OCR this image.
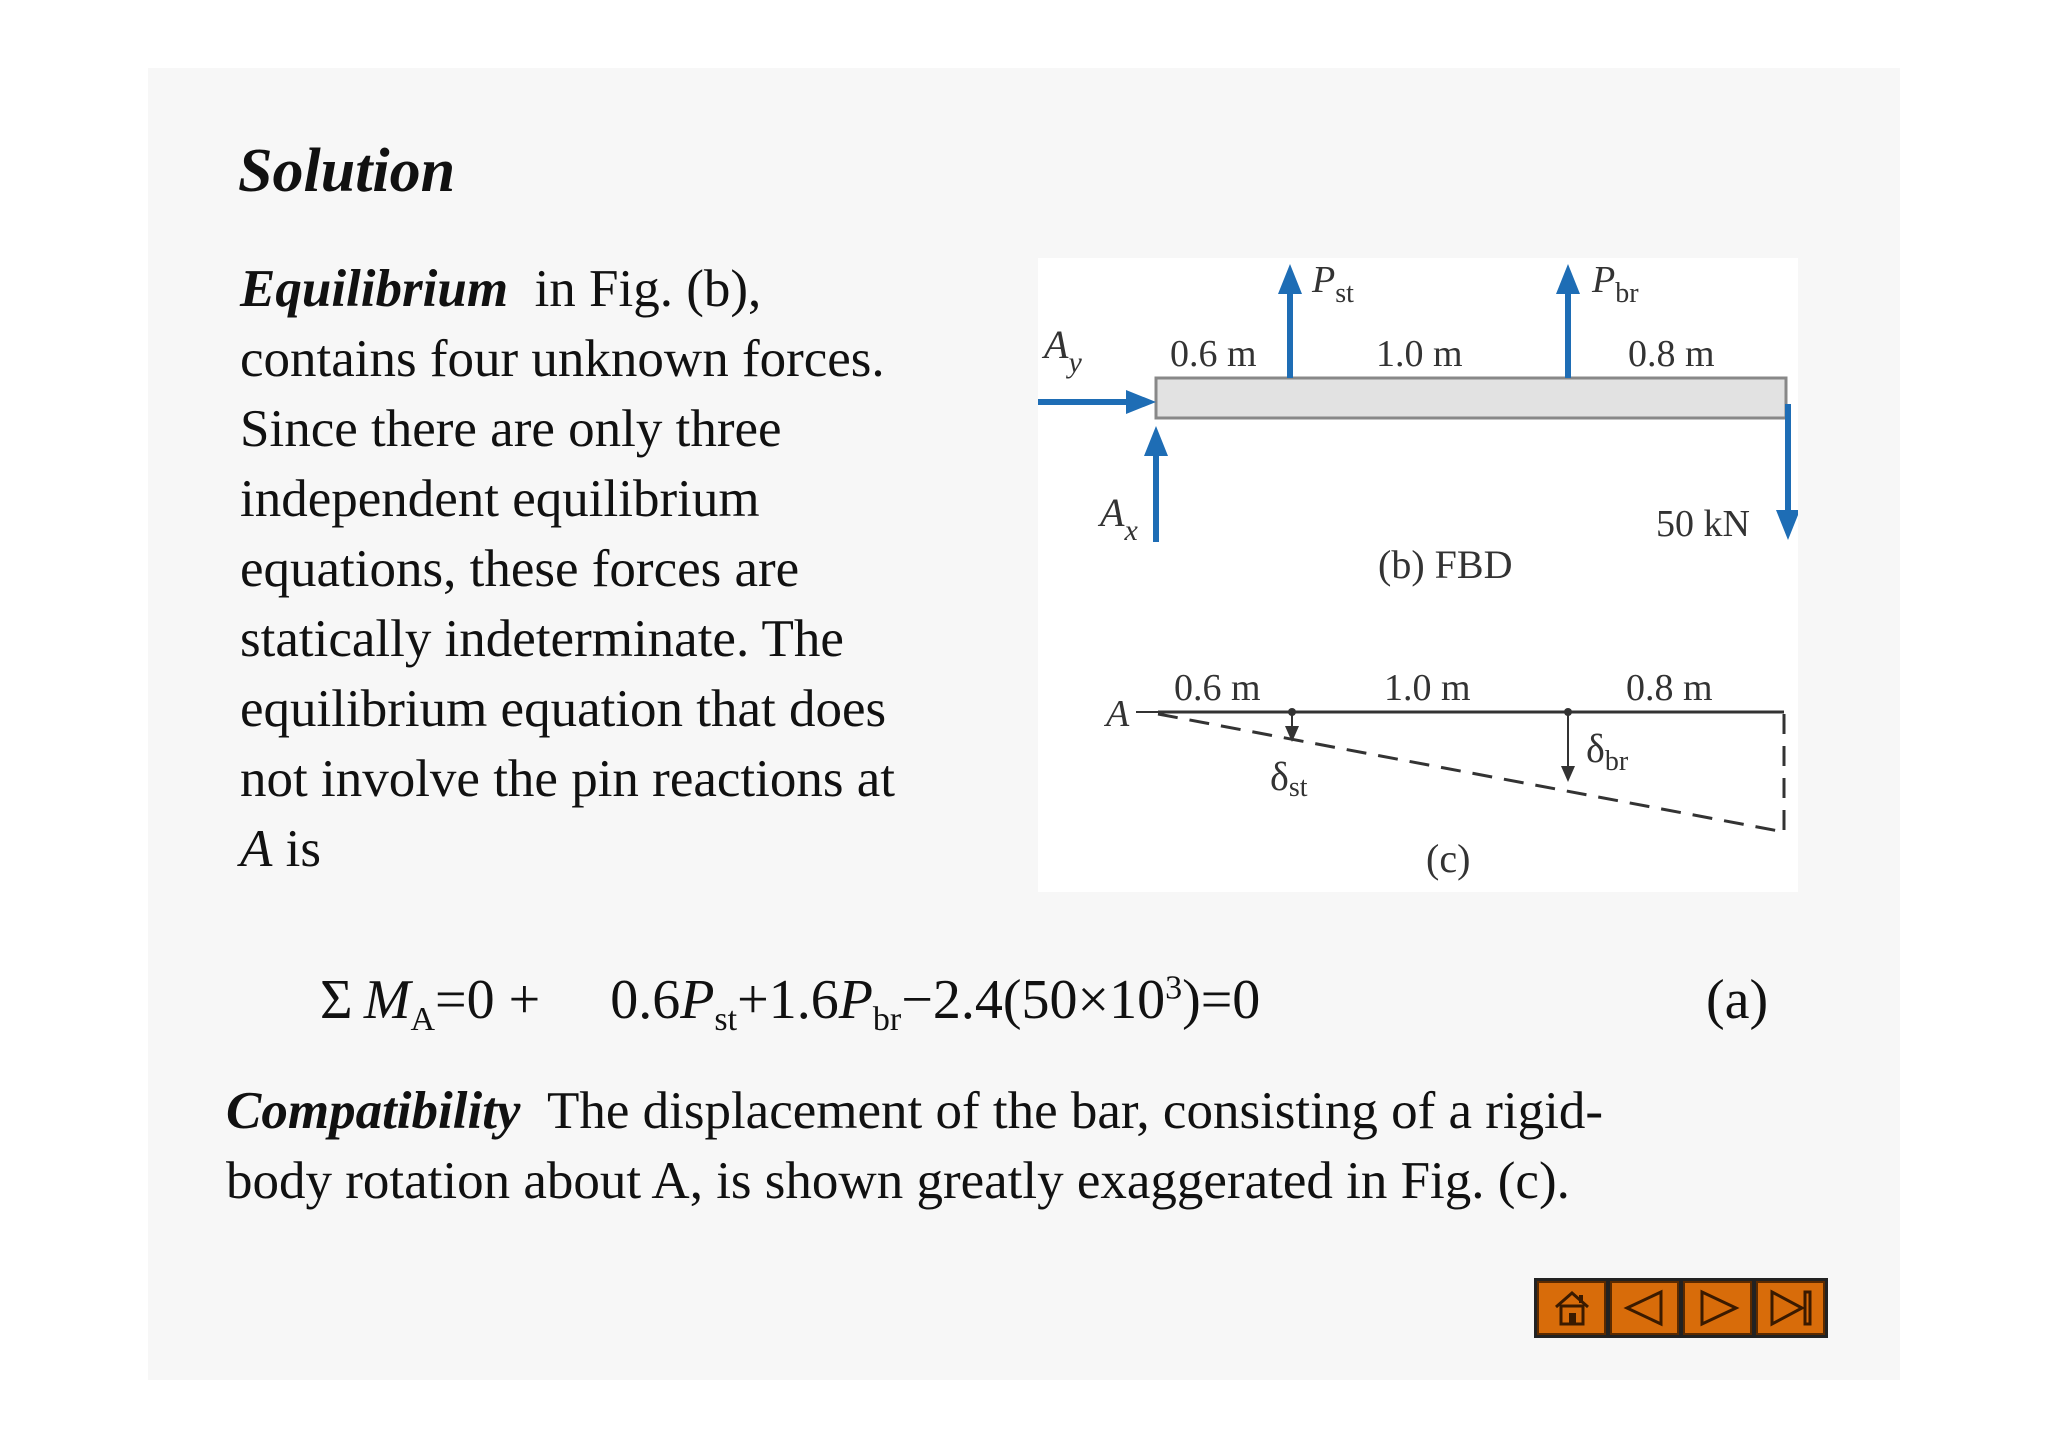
Solution
Equilibrium in Fig. (b),
contains four unknown forces.
Since there are only three
independent equilibrium
equations, these forces are
statically indeterminate. The
equilibrium equation that does
not involve the pin reactions at
A is
$A_y$
$A_x$
$P_{st}$	$P_{br}$
50 kN
0.6 m	1.0 m	0.8 m
(b) FBD
A
δst
$\delta_{br}$
0.6 m	1.0 m	0.8 m
(c)
Σ  $M_A=0 + 0.6P_{st}+1.6P_{br}-2.4(50\times 10^3)=0$	(a)
Compatibility The displacement of the bar, consisting of a rigid-
body rotation about A, is shown greatly exaggerated in Fig. (c).
